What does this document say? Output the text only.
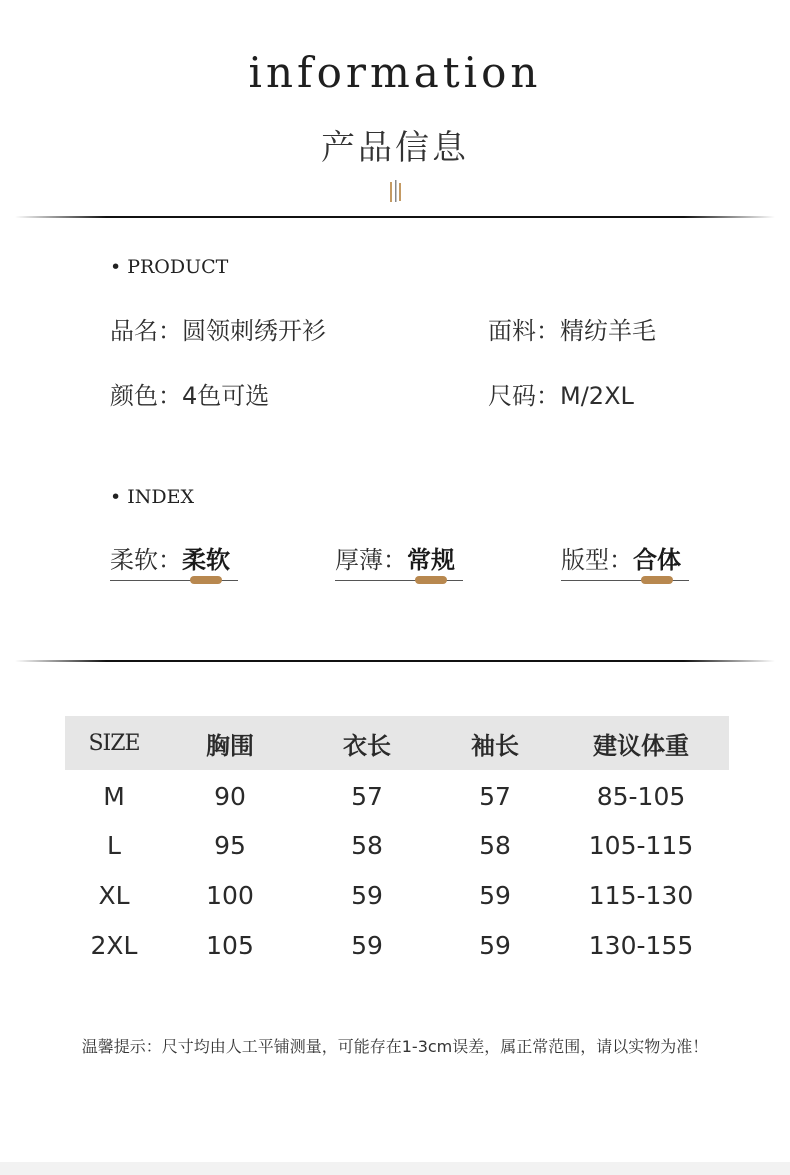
information
产品信息
• PRODUCT
品名：圆领刺绣开衫	面料：精纺羊毛
颜色：4色可选	尺码：M/2XL
• INDEX
柔软：柔软	厚薄：常规	版型：合体
SIZE	胸围	衣长	袖长	建议体重
M	90	57	57	85-105
L	95	58	58	105-115
XL	100	59	59	115-130
2XL	105	59	59	130-155
温馨提示：尺寸均由人工平铺测量，可能存在1-3cm误差，属正常范围，请以实物为准！
